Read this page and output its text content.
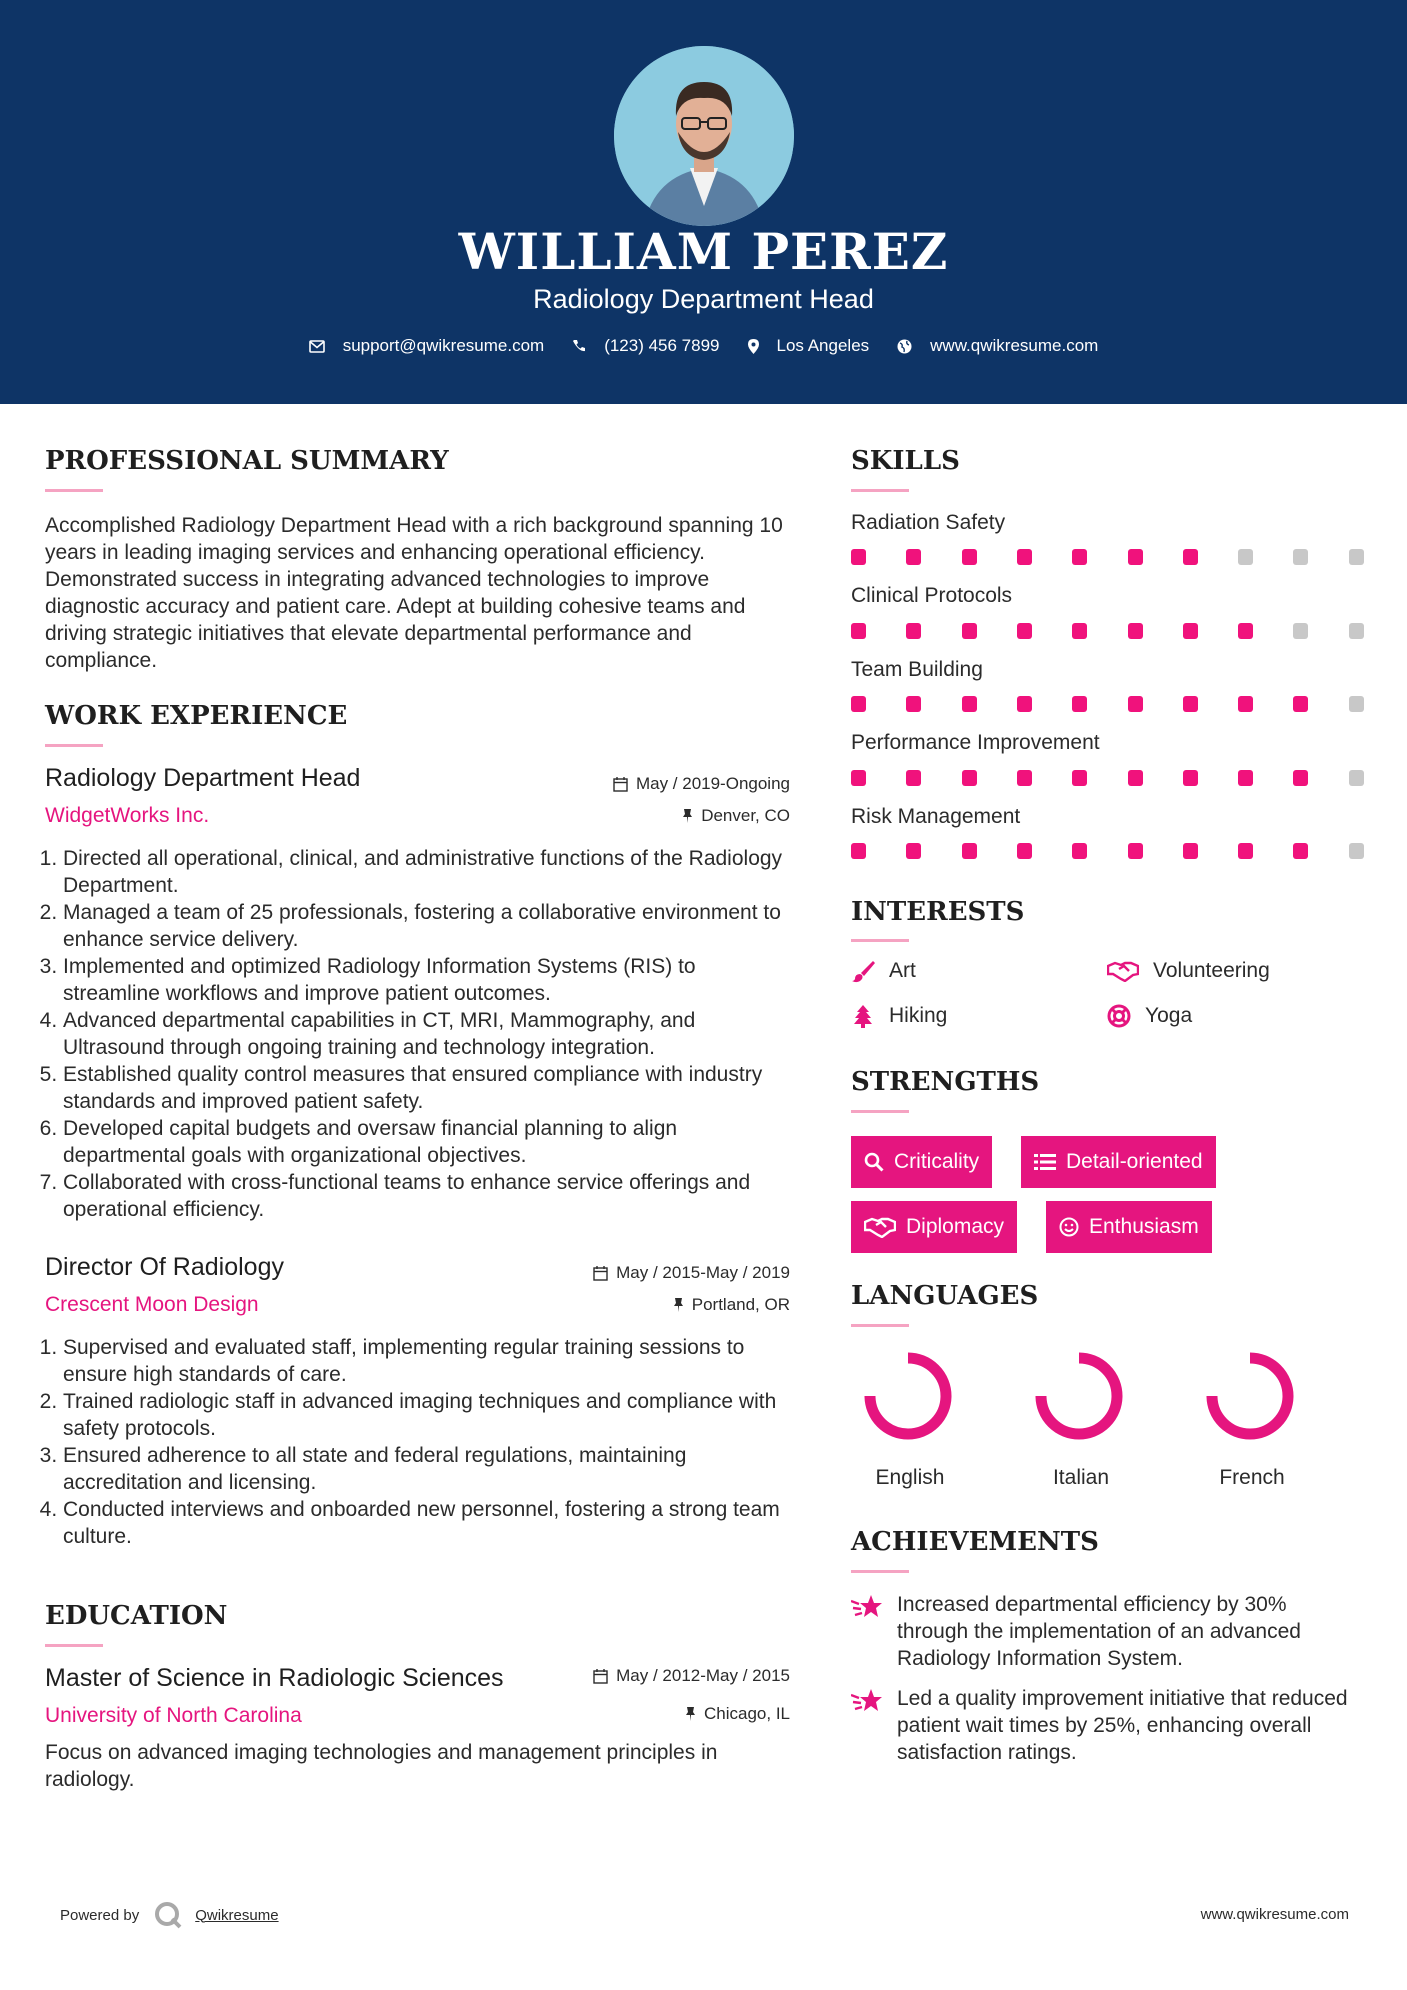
WILLIAM PEREZ
Radiology Department Head
support@qwikresume.com	(123) 456 7899	Los Angeles	www.qwikresume.com
PROFESSIONAL SUMMARY
Accomplished Radiology Department Head with a rich background spanning 10 years in leading imaging services and enhancing operational efficiency. Demonstrated success in integrating advanced technologies to improve diagnostic accuracy and patient care. Adept at building cohesive teams and driving strategic initiatives that elevate departmental performance and compliance.
WORK EXPERIENCE
Radiology Department Head	May / 2019-Ongoing
WidgetWorks Inc.	Denver, CO
1. Directed all operational, clinical, and administrative functions of the Radiology Department.
2. Managed a team of 25 professionals, fostering a collaborative environment to enhance service delivery.
3. Implemented and optimized Radiology Information Systems (RIS) to streamline workflows and improve patient outcomes.
4. Advanced departmental capabilities in CT, MRI, Mammography, and Ultrasound through ongoing training and technology integration.
5. Established quality control measures that ensured compliance with industry standards and improved patient safety.
6. Developed capital budgets and oversaw financial planning to align departmental goals with organizational objectives.
7. Collaborated with cross-functional teams to enhance service offerings and operational efficiency.
Director Of Radiology	May / 2015-May / 2019
Crescent Moon Design	Portland, OR
1. Supervised and evaluated staff, implementing regular training sessions to ensure high standards of care.
2. Trained radiologic staff in advanced imaging techniques and compliance with safety protocols.
3. Ensured adherence to all state and federal regulations, maintaining accreditation and licensing.
4. Conducted interviews and onboarded new personnel, fostering a strong team culture.
EDUCATION
Master of Science in Radiologic Sciences	May / 2012-May / 2015
University of North Carolina	Chicago, IL
Focus on advanced imaging technologies and management principles in radiology.
SKILLS
Radiation Safety
Clinical Protocols
Team Building
Performance Improvement
Risk Management
INTERESTS
Art	Volunteering
Hiking	Yoga
STRENGTHS
Criticality	Detail-oriented
Diplomacy	Enthusiasm
LANGUAGES
English	Italian	French
ACHIEVEMENTS
Increased departmental efficiency by 30% through the implementation of an advanced Radiology Information System.
Led a quality improvement initiative that reduced patient wait times by 25%, enhancing overall satisfaction ratings.
Powered by	Qwikresume	www.qwikresume.com
